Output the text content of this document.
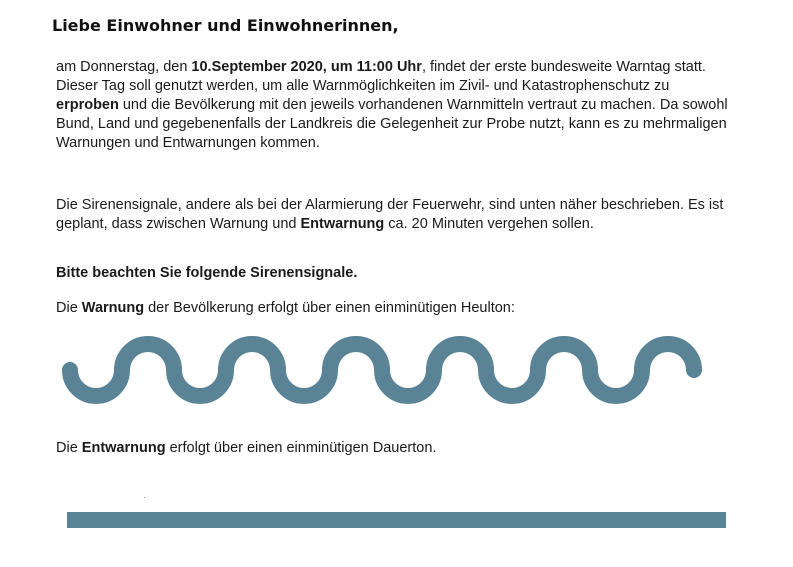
Liebe Einwohner und Einwohnerinnen,

am Donnerstag, den 10.September 2020, um 11:00 Uhr, findet der erste bundesweite Warntag statt. Dieser Tag soll genutzt werden, um alle Warnmöglichkeiten im Zivil- und Katastrophenschutz zu erproben und die Bevölkerung mit den jeweils vorhandenen Warnmitteln vertraut zu machen. Da sowohl Bund, Land und gegebenenfalls der Landkreis die Gelegenheit zur Probe nutzt, kann es zu mehrmaligen Warnungen und Entwarnungen kommen.

Die Sirenensignale, andere als bei der Alarmierung der Feuerwehr, sind unten näher beschrieben. Es ist geplant, dass zwischen Warnung und Entwarnung ca. 20 Minuten vergehen sollen.

Bitte beachten Sie folgende Sirenensignale.

Die Warnung der Bevölkerung erfolgt über einen einminütigen Heulton:

Die Entwarnung erfolgt über einen einminütigen Dauerton.
